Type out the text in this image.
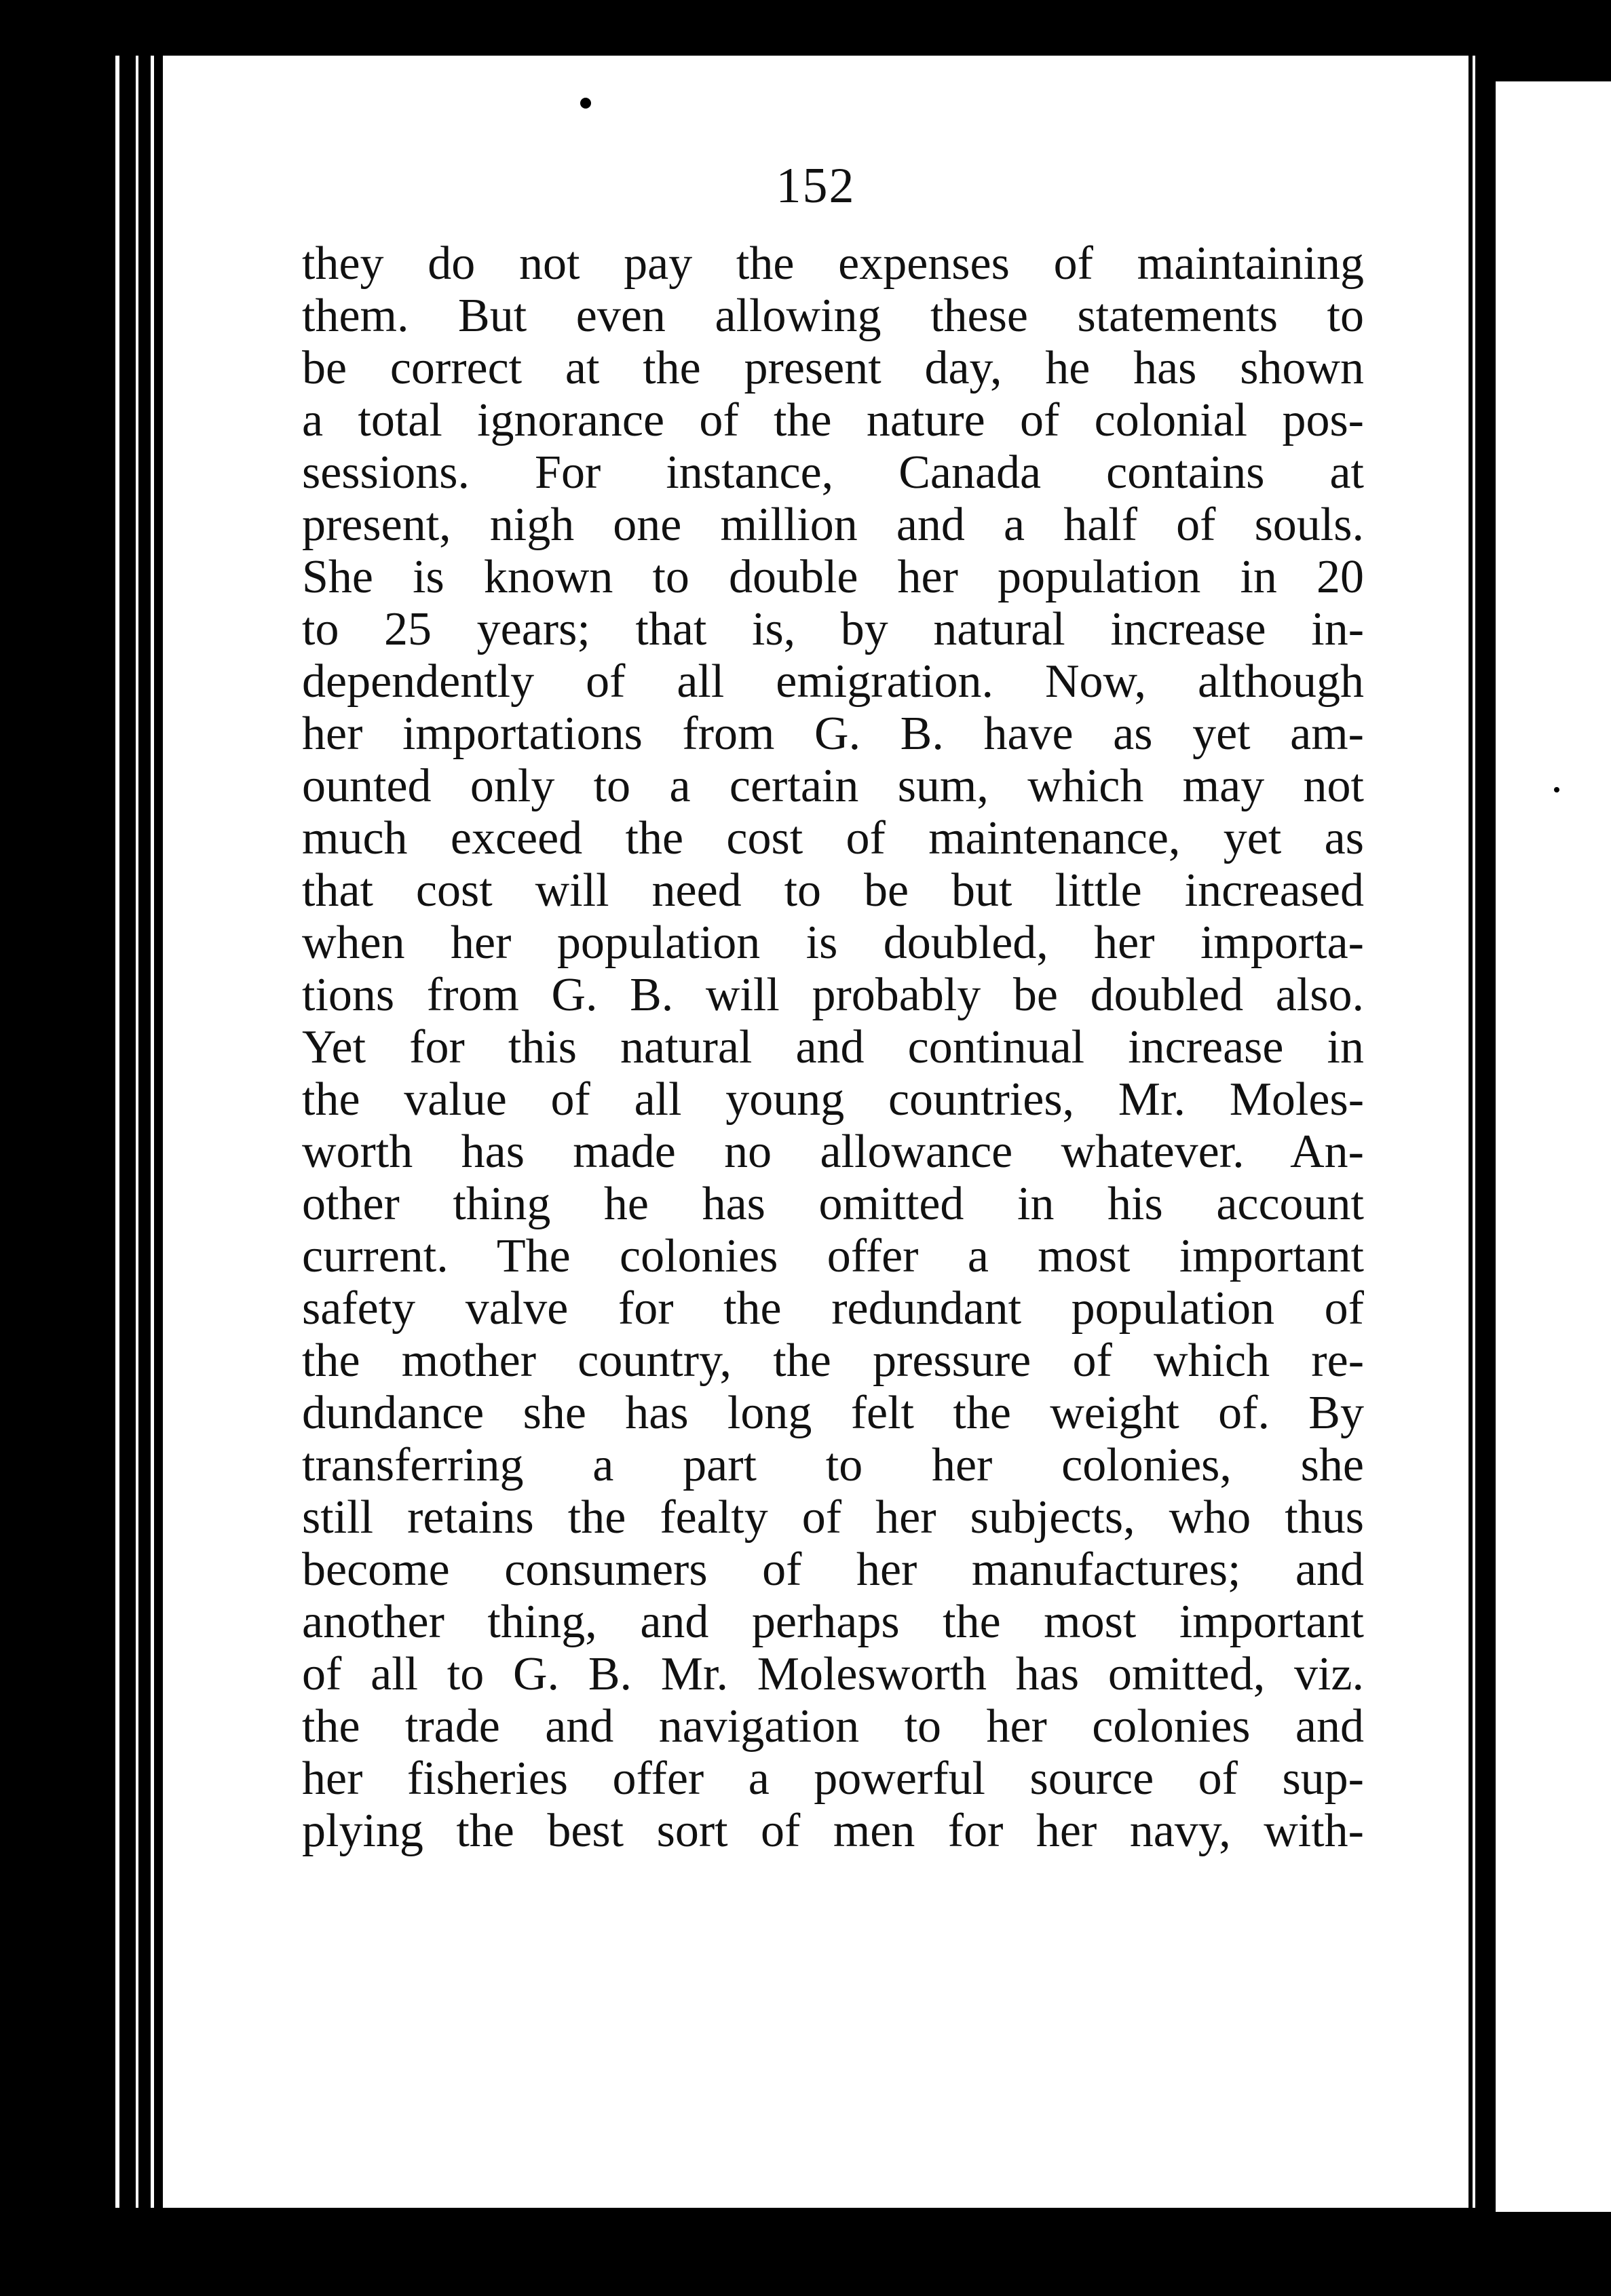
152
they do not pay the expenses of maintaining
them. But even allowing these statements to
be correct at the present day, he has shown
a total ignorance of the nature of colonial pos-
sessions. For instance, Canada contains at
present, nigh one million and a half of souls.
She is known to double her population in 20
to 25 years; that is, by natural increase in-
dependently of all emigration. Now, although
her importations from G. B. have as yet am-
ounted only to a certain sum, which may not
much exceed the cost of maintenance, yet as
that cost will need to be but little increased
when her population is doubled, her importa-
tions from G. B. will probably be doubled also.
Yet for this natural and continual increase in
the value of all young countries, Mr. Moles-
worth has made no allowance whatever. An-
other thing he has omitted in his account
current. The colonies offer a most important
safety valve for the redundant population of
the mother country, the pressure of which re-
dundance she has long felt the weight of. By
transferring a part to her colonies, she
still retains the fealty of her subjects, who thus
become consumers of her manufactures; and
another thing, and perhaps the most important
of all to G. B. Mr. Molesworth has omitted, viz.
the trade and navigation to her colonies and
her fisheries offer a powerful source of sup-
plying the best sort of men for her navy, with-
